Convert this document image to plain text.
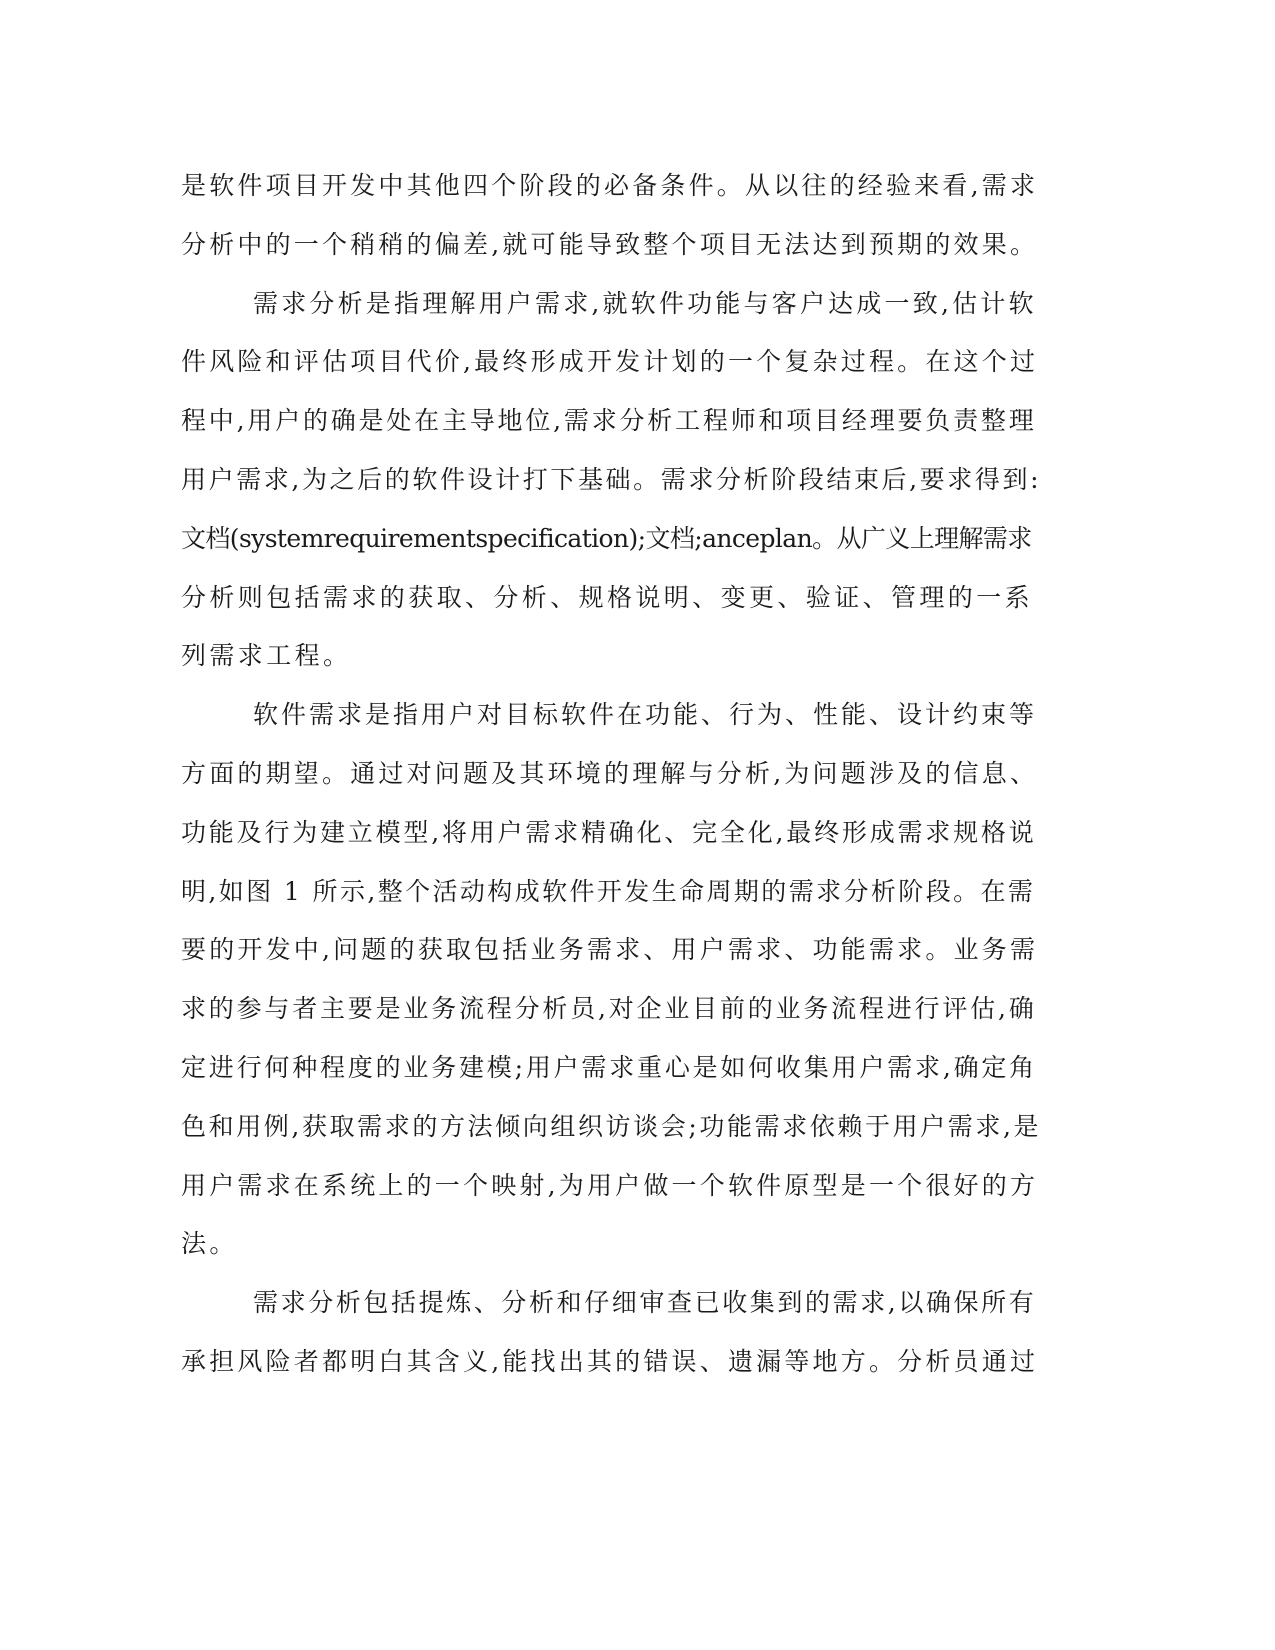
是软件项目开发中其他四个阶段的必备条件。从以往的经验来看,需求
分析中的一个稍稍的偏差,就可能导致整个项目无法达到预期的效果。
需求分析是指理解用户需求,就软件功能与客户达成一致,估计软
件风险和评估项目代价,最终形成开发计划的一个复杂过程。在这个过
程中,用户的确是处在主导地位,需求分析工程师和项目经理要负责整理
用户需求,为之后的软件设计打下基础。需求分析阶段结束后,要求得到:
文档(systemrequirementspecification);文档;anceplan。从广义上理解需求
分析则包括需求的获取、分析、规格说明、变更、验证、管理的一系
列需求工程。
软件需求是指用户对目标软件在功能、行为、性能、设计约束等
方面的期望。通过对问题及其环境的理解与分析,为问题涉及的信息、
功能及行为建立模型,将用户需求精确化、完全化,最终形成需求规格说
明,如图 1 所示,整个活动构成软件开发生命周期的需求分析阶段。在需
要的开发中,问题的获取包括业务需求、用户需求、功能需求。业务需
求的参与者主要是业务流程分析员,对企业目前的业务流程进行评估,确
定进行何种程度的业务建模;用户需求重心是如何收集用户需求,确定角
色和用例,获取需求的方法倾向组织访谈会;功能需求依赖于用户需求,是
用户需求在系统上的一个映射,为用户做一个软件原型是一个很好的方
法。
需求分析包括提炼、分析和仔细审查已收集到的需求,以确保所有
承担风险者都明白其含义,能找出其的错误、遗漏等地方。分析员通过
